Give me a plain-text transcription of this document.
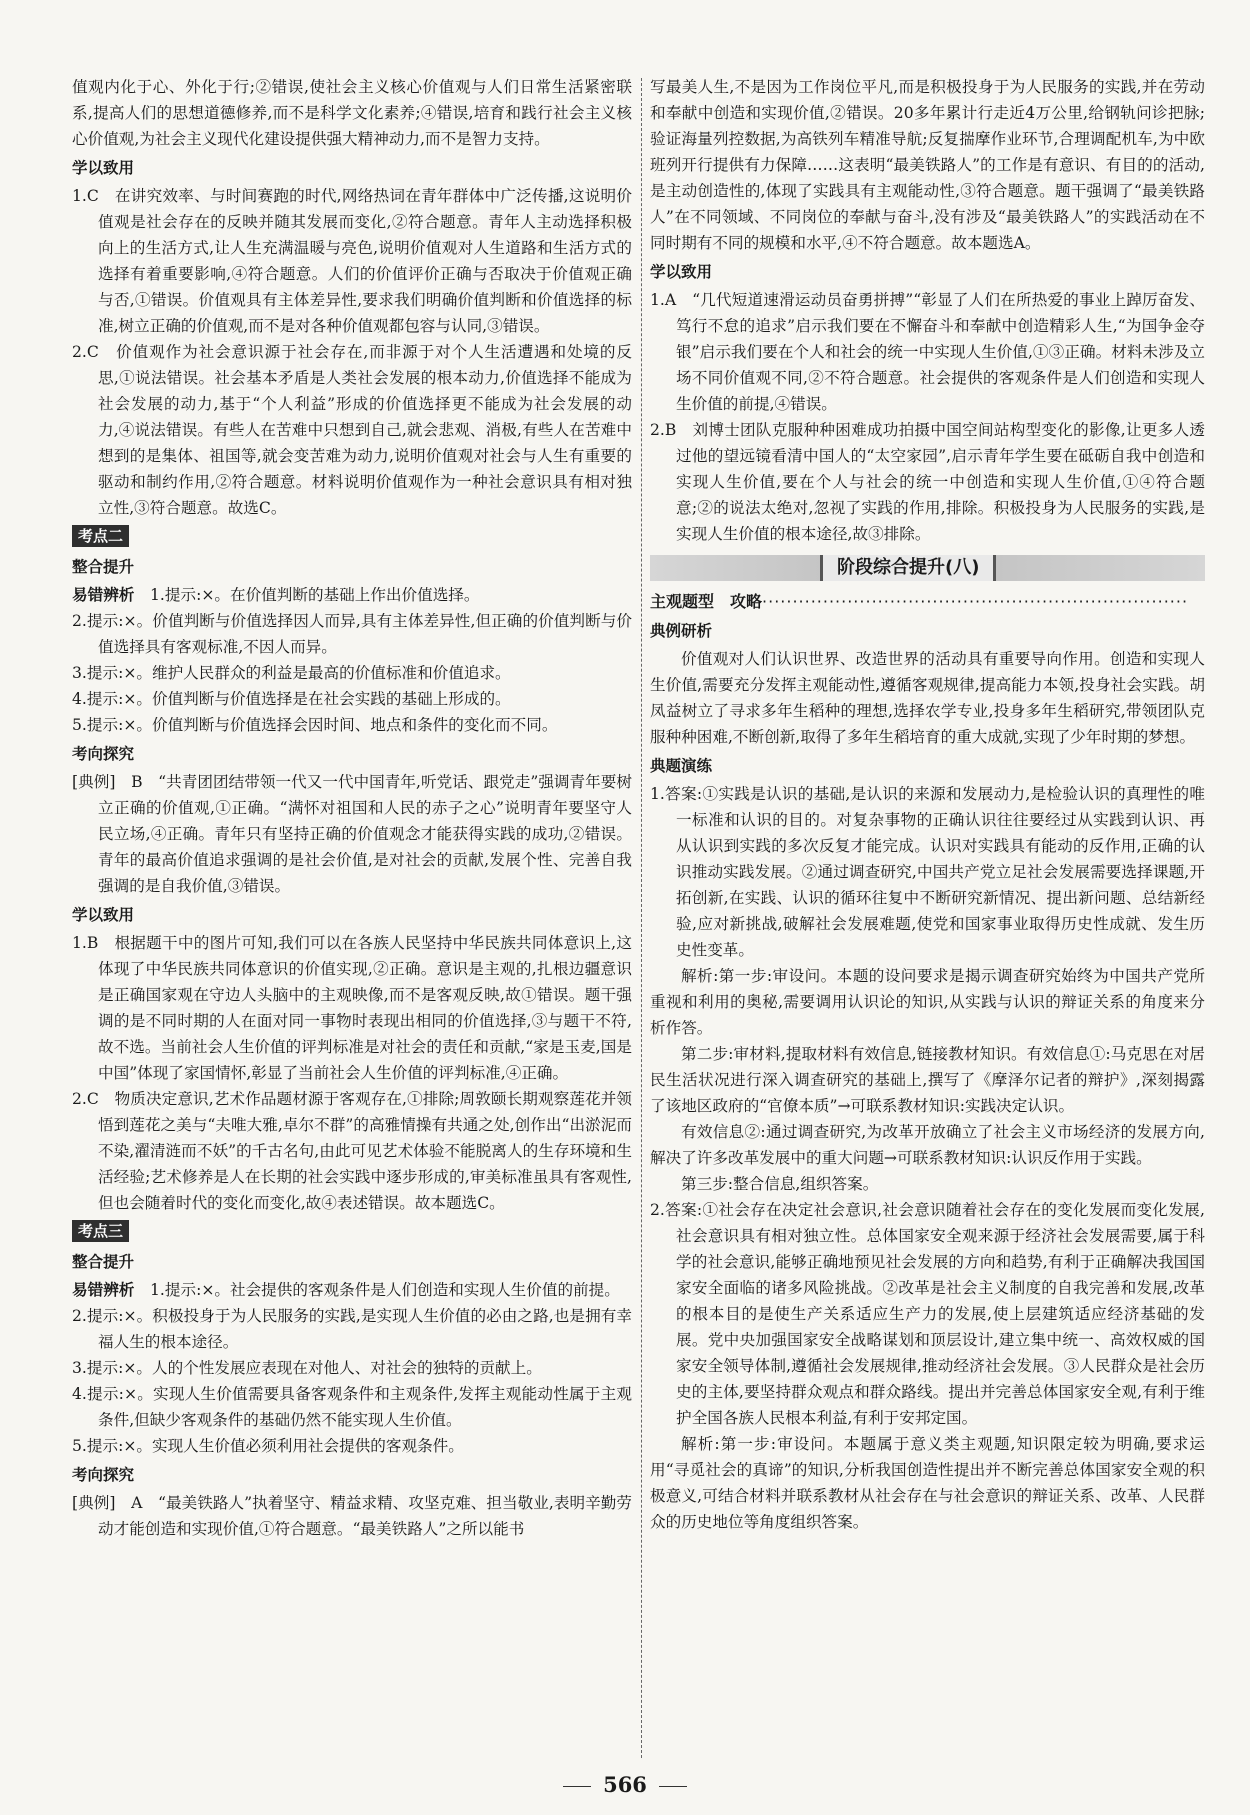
值观内化于心、外化于行;②错误,使社会主义核心价值观与人们日常生活紧密联系,提高人们的思想道德修养,而不是科学文化素养;④错误,培育和践行社会主义核心价值观,为社会主义现代化建设提供强大精神动力,而不是智力支持。

学以致用

1.C　在讲究效率、与时间赛跑的时代,网络热词在青年群体中广泛传播,这说明价值观是社会存在的反映并随其发展而变化,②符合题意。青年人主动选择积极向上的生活方式,让人生充满温暖与亮色,说明价值观对人生道路和生活方式的选择有着重要影响,④符合题意。人们的价值评价正确与否取决于价值观正确与否,①错误。价值观具有主体差异性,要求我们明确价值判断和价值选择的标准,树立正确的价值观,而不是对各种价值观都包容与认同,③错误。

2.C　价值观作为社会意识源于社会存在,而非源于对个人生活遭遇和处境的反思,①说法错误。社会基本矛盾是人类社会发展的根本动力,价值选择不能成为社会发展的动力,基于“个人利益”形成的价值选择更不能成为社会发展的动力,④说法错误。有些人在苦难中只想到自己,就会悲观、消极,有些人在苦难中想到的是集体、祖国等,就会变苦难为动力,说明价值观对社会与人生有重要的驱动和制约作用,②符合题意。材料说明价值观作为一种社会意识具有相对独立性,③符合题意。故选C。

考点二
整合提升

易错辨析　 1.提示:×。在价值判断的基础上作出价值选择。

2.提示:×。价值判断与价值选择因人而异,具有主体差异性,但正确的价值判断与价值选择具有客观标准,不因人而异。

3.提示:×。维护人民群众的利益是最高的价值标准和价值追求。

4.提示:×。价值判断与价值选择是在社会实践的基础上形成的。

5.提示:×。价值判断与价值选择会因时间、地点和条件的变化而不同。

考向探究

[典例]　B　“共青团团结带领一代又一代中国青年,听党话、跟党走”强调青年要树立正确的价值观,①正确。“满怀对祖国和人民的赤子之心”说明青年要坚守人民立场,④正确。青年只有坚持正确的价值观念才能获得实践的成功,②错误。青年的最高价值追求强调的是社会价值,是对社会的贡献,发展个性、完善自我强调的是自我价值,③错误。

学以致用

1.B　根据题干中的图片可知,我们可以在各族人民坚持中华民族共同体意识上,这体现了中华民族共同体意识的价值实现,②正确。意识是主观的,扎根边疆意识是正确国家观在守边人头脑中的主观映像,而不是客观反映,故①错误。题干强调的是不同时期的人在面对同一事物时表现出相同的价值选择,③与题干不符,故不选。当前社会人生价值的评判标准是对社会的责任和贡献,“家是玉麦,国是中国”体现了家国情怀,彰显了当前社会人生价值的评判标准,④正确。

2.C　物质决定意识,艺术作品题材源于客观存在,①排除;周敦颐长期观察莲花并领悟到莲花之美与“夫唯大雅,卓尔不群”的高雅情操有共通之处,创作出“出淤泥而不染,濯清涟而不妖”的千古名句,由此可见艺术体验不能脱离人的生存环境和生活经验;艺术修养是人在长期的社会实践中逐步形成的,审美标准虽具有客观性,但也会随着时代的变化而变化,故④表述错误。故本题选C。

考点三
整合提升

易错辨析　 1.提示:×。社会提供的客观条件是人们创造和实现人生价值的前提。

2.提示:×。积极投身于为人民服务的实践,是实现人生价值的必由之路,也是拥有幸福人生的根本途径。

3.提示:×。人的个性发展应表现在对他人、对社会的独特的贡献上。

4.提示:×。实现人生价值需要具备客观条件和主观条件,发挥主观能动性属于主观条件,但缺少客观条件的基础仍然不能实现人生价值。

5.提示:×。实现人生价值必须利用社会提供的客观条件。

考向探究

[典例]　A　“最美铁路人”执着坚守、精益求精、攻坚克难、担当敬业,表明辛勤劳动才能创造和实现价值,①符合题意。“最美铁路人”之所以能书

写最美人生,不是因为工作岗位平凡,而是积极投身于为人民服务的实践,并在劳动和奉献中创造和实现价值,②错误。20多年累计行走近4万公里,给钢轨问诊把脉;验证海量列控数据,为高铁列车精准导航;反复揣摩作业环节,合理调配机车,为中欧班列开行提供有力保障……这表明“最美铁路人”的工作是有意识、有目的的活动,是主动创造性的,体现了实践具有主观能动性,③符合题意。题干强调了“最美铁路人”在不同领域、不同岗位的奉献与奋斗,没有涉及“最美铁路人”的实践活动在不同时期有不同的规模和水平,④不符合题意。故本题选A。

学以致用

1.A　“几代短道速滑运动员奋勇拼搏”“彰显了人们在所热爱的事业上踔厉奋发、笃行不怠的追求”启示我们要在不懈奋斗和奉献中创造精彩人生,“为国争金夺银”启示我们要在个人和社会的统一中实现人生价值,①③正确。材料未涉及立场不同价值观不同,②不符合题意。社会提供的客观条件是人们创造和实现人生价值的前提,④错误。

2.B　刘博士团队克服种种困难成功拍摄中国空间站构型变化的影像,让更多人透过他的望远镜看清中国人的“太空家园”,启示青年学生要在砥砺自我中创造和实现人生价值,要在个人与社会的统一中创造和实现人生价值,①④符合题意;②的说法太绝对,忽视了实践的作用,排除。积极投身为人民服务的实践,是实现人生价值的根本途径,故③排除。

阶段综合提升(八)
主观题型　攻略······································································
典例研析

价值观对人们认识世界、改造世界的活动具有重要导向作用。创造和实现人生价值,需要充分发挥主观能动性,遵循客观规律,提高能力本领,投身社会实践。胡凤益树立了寻求多年生稻种的理想,选择农学专业,投身多年生稻研究,带领团队克服种种困难,不断创新,取得了多年生稻培育的重大成就,实现了少年时期的梦想。

典题演练

1.答案:①实践是认识的基础,是认识的来源和发展动力,是检验认识的真理性的唯一标准和认识的目的。对复杂事物的正确认识往往要经过从实践到认识、再从认识到实践的多次反复才能完成。认识对实践具有能动的反作用,正确的认识推动实践发展。②通过调查研究,中国共产党立足社会发展需要选择课题,开拓创新,在实践、认识的循环往复中不断研究新情况、提出新问题、总结新经验,应对新挑战,破解社会发展难题,使党和国家事业取得历史性成就、发生历史性变革。

解析:第一步:审设问。本题的设问要求是揭示调查研究始终为中国共产党所重视和利用的奥秘,需要调用认识论的知识,从实践与认识的辩证关系的角度来分析作答。

第二步:审材料,提取材料有效信息,链接教材知识。有效信息①:马克思在对居民生活状况进行深入调查研究的基础上,撰写了《摩泽尔记者的辩护》,深刻揭露了该地区政府的“官僚本质”→可联系教材知识:实践决定认识。

有效信息②:通过调查研究,为改革开放确立了社会主义市场经济的发展方向,解决了许多改革发展中的重大问题→可联系教材知识:认识反作用于实践。

第三步:整合信息,组织答案。

2.答案:①社会存在决定社会意识,社会意识随着社会存在的变化发展而变化发展,社会意识具有相对独立性。总体国家安全观来源于经济社会发展需要,属于科学的社会意识,能够正确地预见社会发展的方向和趋势,有利于正确解决我国国家安全面临的诸多风险挑战。②改革是社会主义制度的自我完善和发展,改革的根本目的是使生产关系适应生产力的发展,使上层建筑适应经济基础的发展。党中央加强国家安全战略谋划和顶层设计,建立集中统一、高效权威的国家安全领导体制,遵循社会发展规律,推动经济社会发展。③人民群众是社会历史的主体,要坚持群众观点和群众路线。提出并完善总体国家安全观,有利于维护全国各族人民根本利益,有利于安邦定国。

解析:第一步:审设问。本题属于意义类主观题,知识限定较为明确,要求运用“寻觅社会的真谛”的知识,分析我国创造性提出并不断完善总体国家安全观的积极意义,可结合材料并联系教材从社会存在与社会意识的辩证关系、改革、人民群众的历史地位等角度组织答案。

566
